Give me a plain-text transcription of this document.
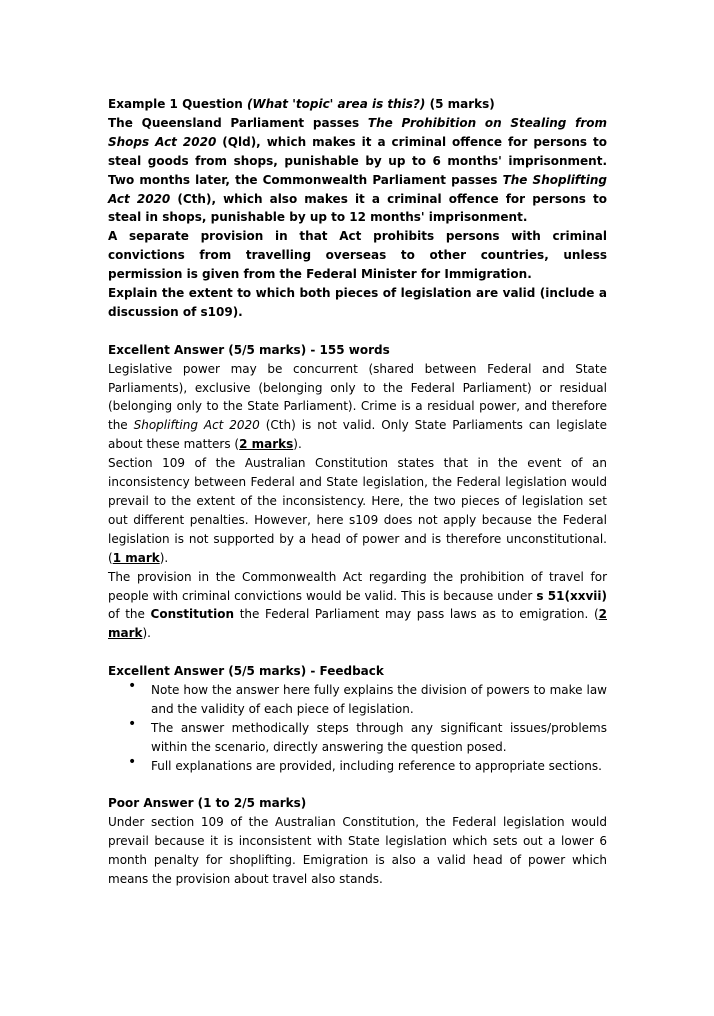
Example 1 Question (What 'topic' area is this?) (5 marks)

The Queensland Parliament passes The Prohibition on Stealing from Shops Act 2020 (Qld), which makes it a criminal offence for persons to steal goods from shops, punishable by up to 6 months' imprisonment. Two months later, the Commonwealth Parliament passes The Shoplifting Act 2020 (Cth), which also makes it a criminal offence for persons to steal in shops, punishable by up to 12 months' imprisonment.

A separate provision in that Act prohibits persons with criminal convictions from travelling overseas to other countries, unless permission is given from the Federal Minister for Immigration.

Explain the extent to which both pieces of legislation are valid (include a discussion of s109).

Excellent Answer (5/5 marks) - 155 words

Legislative power may be concurrent (shared between Federal and State Parliaments), exclusive (belonging only to the Federal Parliament) or residual (belonging only to the State Parliament). Crime is a residual power, and therefore the Shoplifting Act 2020 (Cth) is not valid. Only State Parliaments can legislate about these matters (2 marks).

Section 109 of the Australian Constitution states that in the event of an inconsistency between Federal and State legislation, the Federal legislation would prevail to the extent of the inconsistency. Here, the two pieces of legislation set out different penalties. However, here s109 does not apply because the Federal legislation is not supported by a head of power and is therefore unconstitutional. (1 mark).

The provision in the Commonwealth Act regarding the prohibition of travel for people with criminal convictions would be valid. This is because under s 51(xxvii) of the Constitution the Federal Parliament may pass laws as to emigration. (2 mark).

Excellent Answer (5/5 marks) - Feedback

• Note how the answer here fully explains the division of powers to make law and the validity of each piece of legislation.
• The answer methodically steps through any significant issues/problems within the scenario, directly answering the question posed.
• Full explanations are provided, including reference to appropriate sections.

Poor Answer (1 to 2/5 marks)

Under section 109 of the Australian Constitution, the Federal legislation would prevail because it is inconsistent with State legislation which sets out a lower 6 month penalty for shoplifting. Emigration is also a valid head of power which means the provision about travel also stands.
